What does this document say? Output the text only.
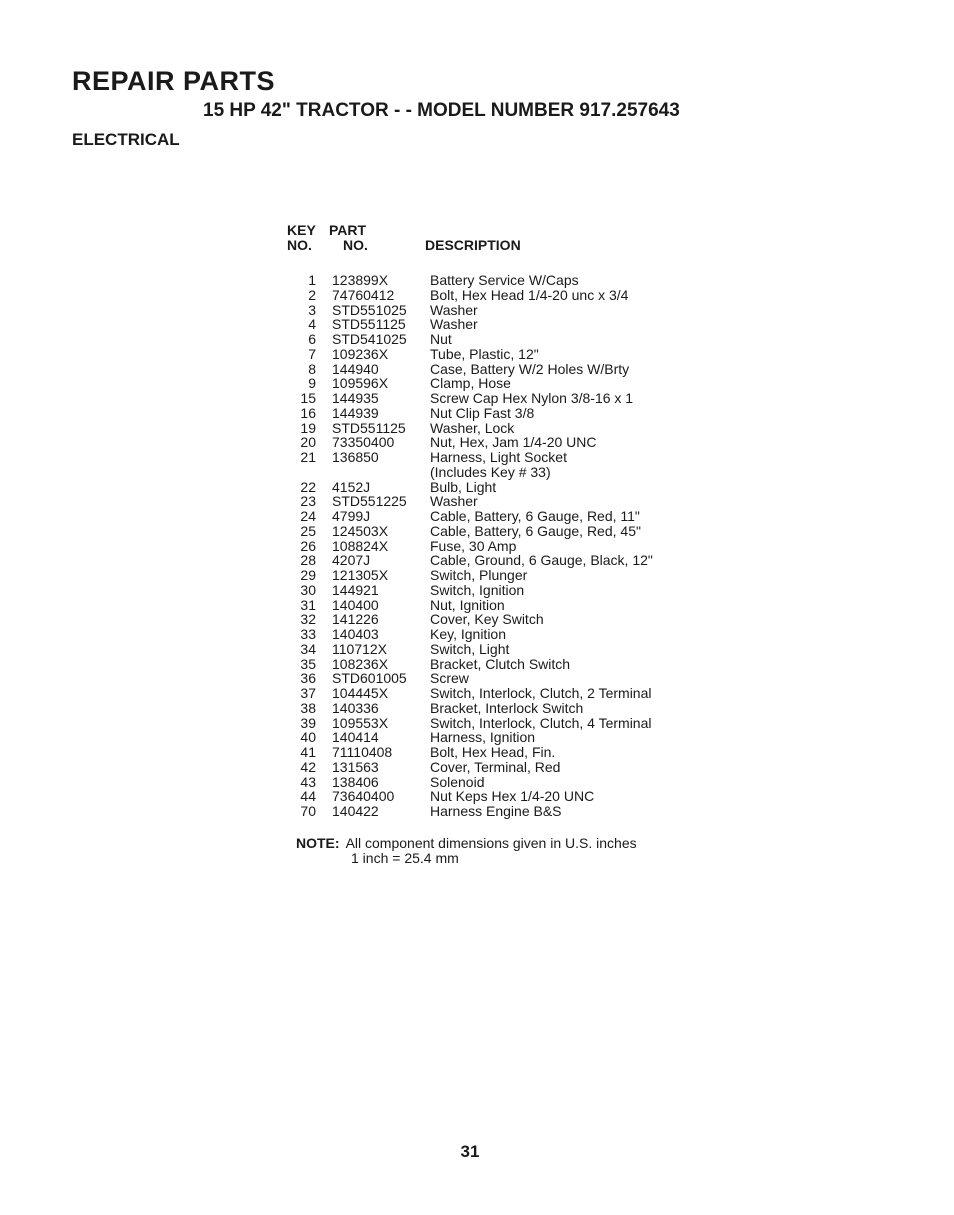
REPAIR PARTS
15 HP 42" TRACTOR - - MODEL NUMBER 917.257643
ELECTRICAL
KEY
NO.
PART
NO.	DESCRIPTION
1 123899X	Battery Service W/Caps
2 74760412	Bolt, Hex Head 1/4-20 unc x 3/4
3 STD551025 Washer
4 STD551125 Washer
6 STD541025 Nut
7 109236X	Tube, Plastic, 12"
8 144940	Case, Battery W/2 Holes W/Brty
9 109596X	Clamp, Hose
15 144935	Screw Cap Hex Nylon 3/8-16 x 1
16 144939	Nut Clip Fast 3/8
19 STD551125 Washer, Lock
20 73350400	Nut, Hex, Jam 1/4-20 UNC
21 136850	Harness, Light Socket
(Includes Key # 33)
22 4152J	Bulb, Light
23 STD551225 Washer
24 4799J	Cable, Battery, 6 Gauge, Red, 11"
25 124503X	Cable, Battery, 6 Gauge, Red, 45"
26 108824X	Fuse, 30 Amp
28 4207J	Cable, Ground, 6 Gauge, Black, 12"
29 121305X	Switch, Plunger
30 144921	Switch, Ignition
31 140400	Nut, Ignition
32 141226	Cover, Key Switch
33 140403	Key, Ignition
34 110712X	Switch, Light
35 108236X	Bracket, Clutch Switch
36 STD601005 Screw
37 104445X	Switch, Interlock, Clutch, 2 Terminal
38 140336	Bracket, Interlock Switch
39 109553X	Switch, Interlock, Clutch, 4 Terminal
40 140414	Harness, Ignition
41 71110408	Bolt, Hex Head, Fin.
42 131563	Cover, Terminal, Red
43 138406	Solenoid
44 73640400	Nut Keps Hex 1/4-20 UNC
70 140422	Harness Engine B&S
NOTE: All component dimensions given in U.S. inches
1 inch = 25.4 mm
31
